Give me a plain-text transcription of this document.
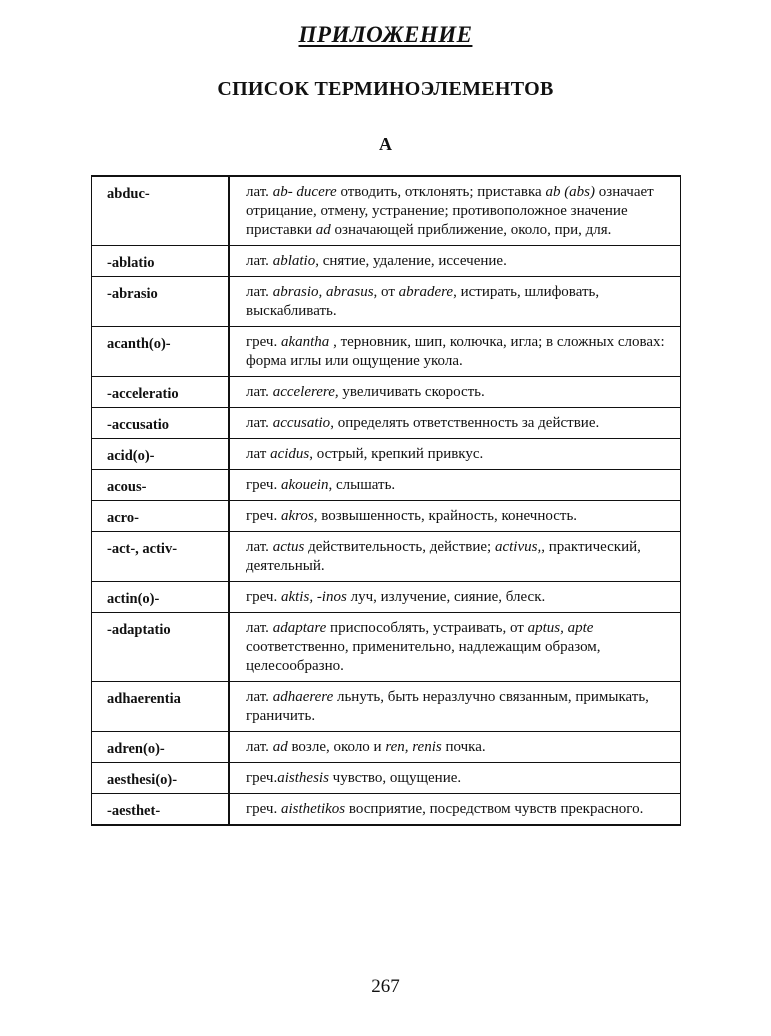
ПРИЛОЖЕНИЕ
СПИСОК ТЕРМИНОЭЛЕМЕНТОВ
А
abduc-	лат. ab- ducere отводить, отклонять; приставка ab (abs) означает отрицание, отмену, устранение; противоположное значение приставки ad означающей приближение, около, при, для.
-ablatio	лат. ablatio, снятие, удаление, иссечение.
-abrasio	лат. abrasio, abrasus, от abradere, истирать, шлифовать, выскабливать.
acanth(o)-	греч. akantha , терновник, шип, колючка, игла; в сложных словах: форма иглы или ощущение укола.
-acceleratio	лат. accelerere, увеличивать скорость.
-accusatio	лат. accusatio, определять ответственность за действие.
acid(o)-	лат acidus, острый, крепкий привкус.
acous-	греч. akouein, слышать.
acro-	греч. akros, возвышенность, крайность, конечность.
-act-, activ-	лат. actus действительность, действие; activus,, практический, деятельный.
actin(o)-	греч. aktis, -inos луч, излучение, сияние, блеск.
-adaptatio	лат. adaptare приспособлять, устраивать, от aptus, apte соответственно, применительно, надлежащим образом, целесообразно.
adhaerentia	лат. adhaerere льнуть, быть неразлучно связанным, примыкать, граничить.
adren(o)-	лат. ad возле, около и ren, renis почка.
aesthesi(o)-	греч.aisthesis чувство, ощущение.
-aesthet-	греч. aisthetikos восприятие, посредством чувств прекрасного.
267
